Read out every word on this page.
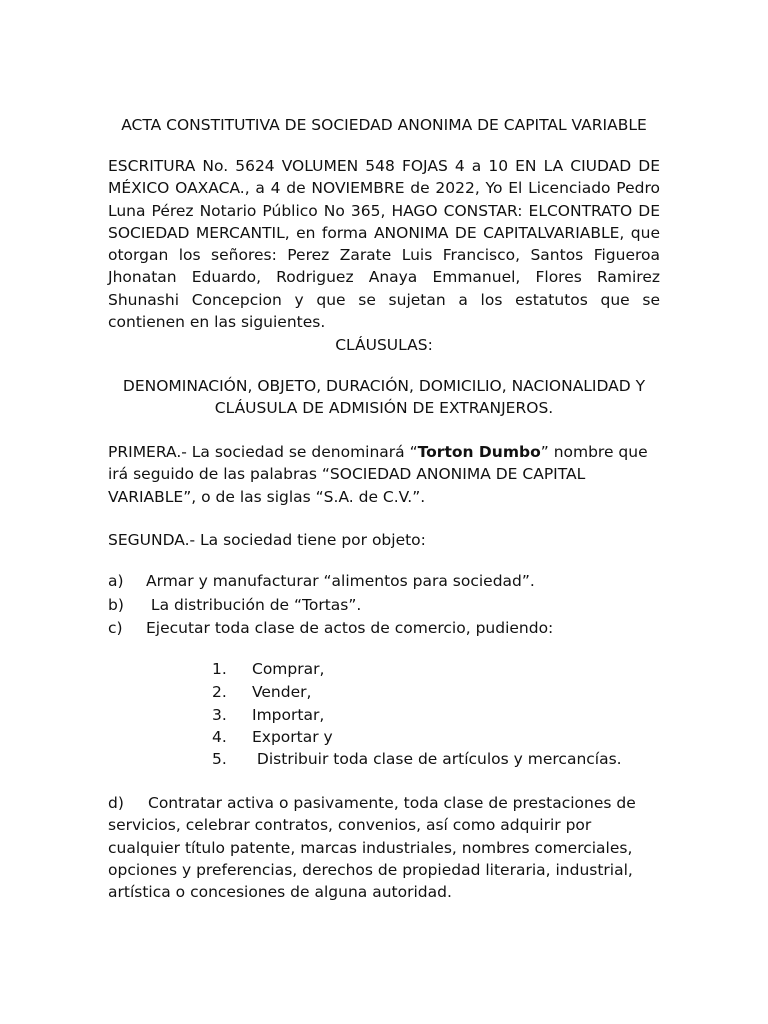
ACTA CONSTITUTIVA DE SOCIEDAD ANONIMA DE CAPITAL VARIABLE

ESCRITURA No. 5624 VOLUMEN 548 FOJAS 4 a 10 EN LA CIUDAD DE MÉXICO OAXACA., a 4 de NOVIEMBRE de 2022, Yo El Licenciado Pedro Luna Pérez Notario Público No 365, HAGO CONSTAR: ELCONTRATO DE SOCIEDAD MERCANTIL, en forma ANONIMA DE CAPITALVARIABLE, que otorgan los señores: Perez Zarate Luis Francisco, Santos Figueroa Jhonatan Eduardo, Rodriguez Anaya Emmanuel, Flores Ramirez Shunashi Concepcion y que se sujetan a los estatutos que se contienen en las siguientes.

CLÁUSULAS:

DENOMINACIÓN, OBJETO, DURACIÓN, DOMICILIO, NACIONALIDAD Y
CLÁUSULA DE ADMISIÓN DE EXTRANJEROS.

PRIMERA.- La sociedad se denominará “Torton Dumbo” nombre que irá seguido de las palabras “SOCIEDAD ANONIMA DE CAPITAL VARIABLE”, o de las siglas “S.A. de C.V.”.

SEGUNDA.- La sociedad tiene por objeto:

a) Armar y manufacturar “alimentos para sociedad”.
b) La distribución de “Tortas”.
c) Ejecutar toda clase de actos de comercio, pudiendo:
1. Comprar,
2. Vender,
3. Importar,
4. Exportar y
5. Distribuir toda clase de artículos y mercancías.

d) Contratar activa o pasivamente, toda clase de prestaciones de servicios, celebrar contratos, convenios, así como adquirir por cualquier título patente, marcas industriales, nombres comerciales, opciones y preferencias, derechos de propiedad literaria, industrial, artística o concesiones de alguna autoridad.
